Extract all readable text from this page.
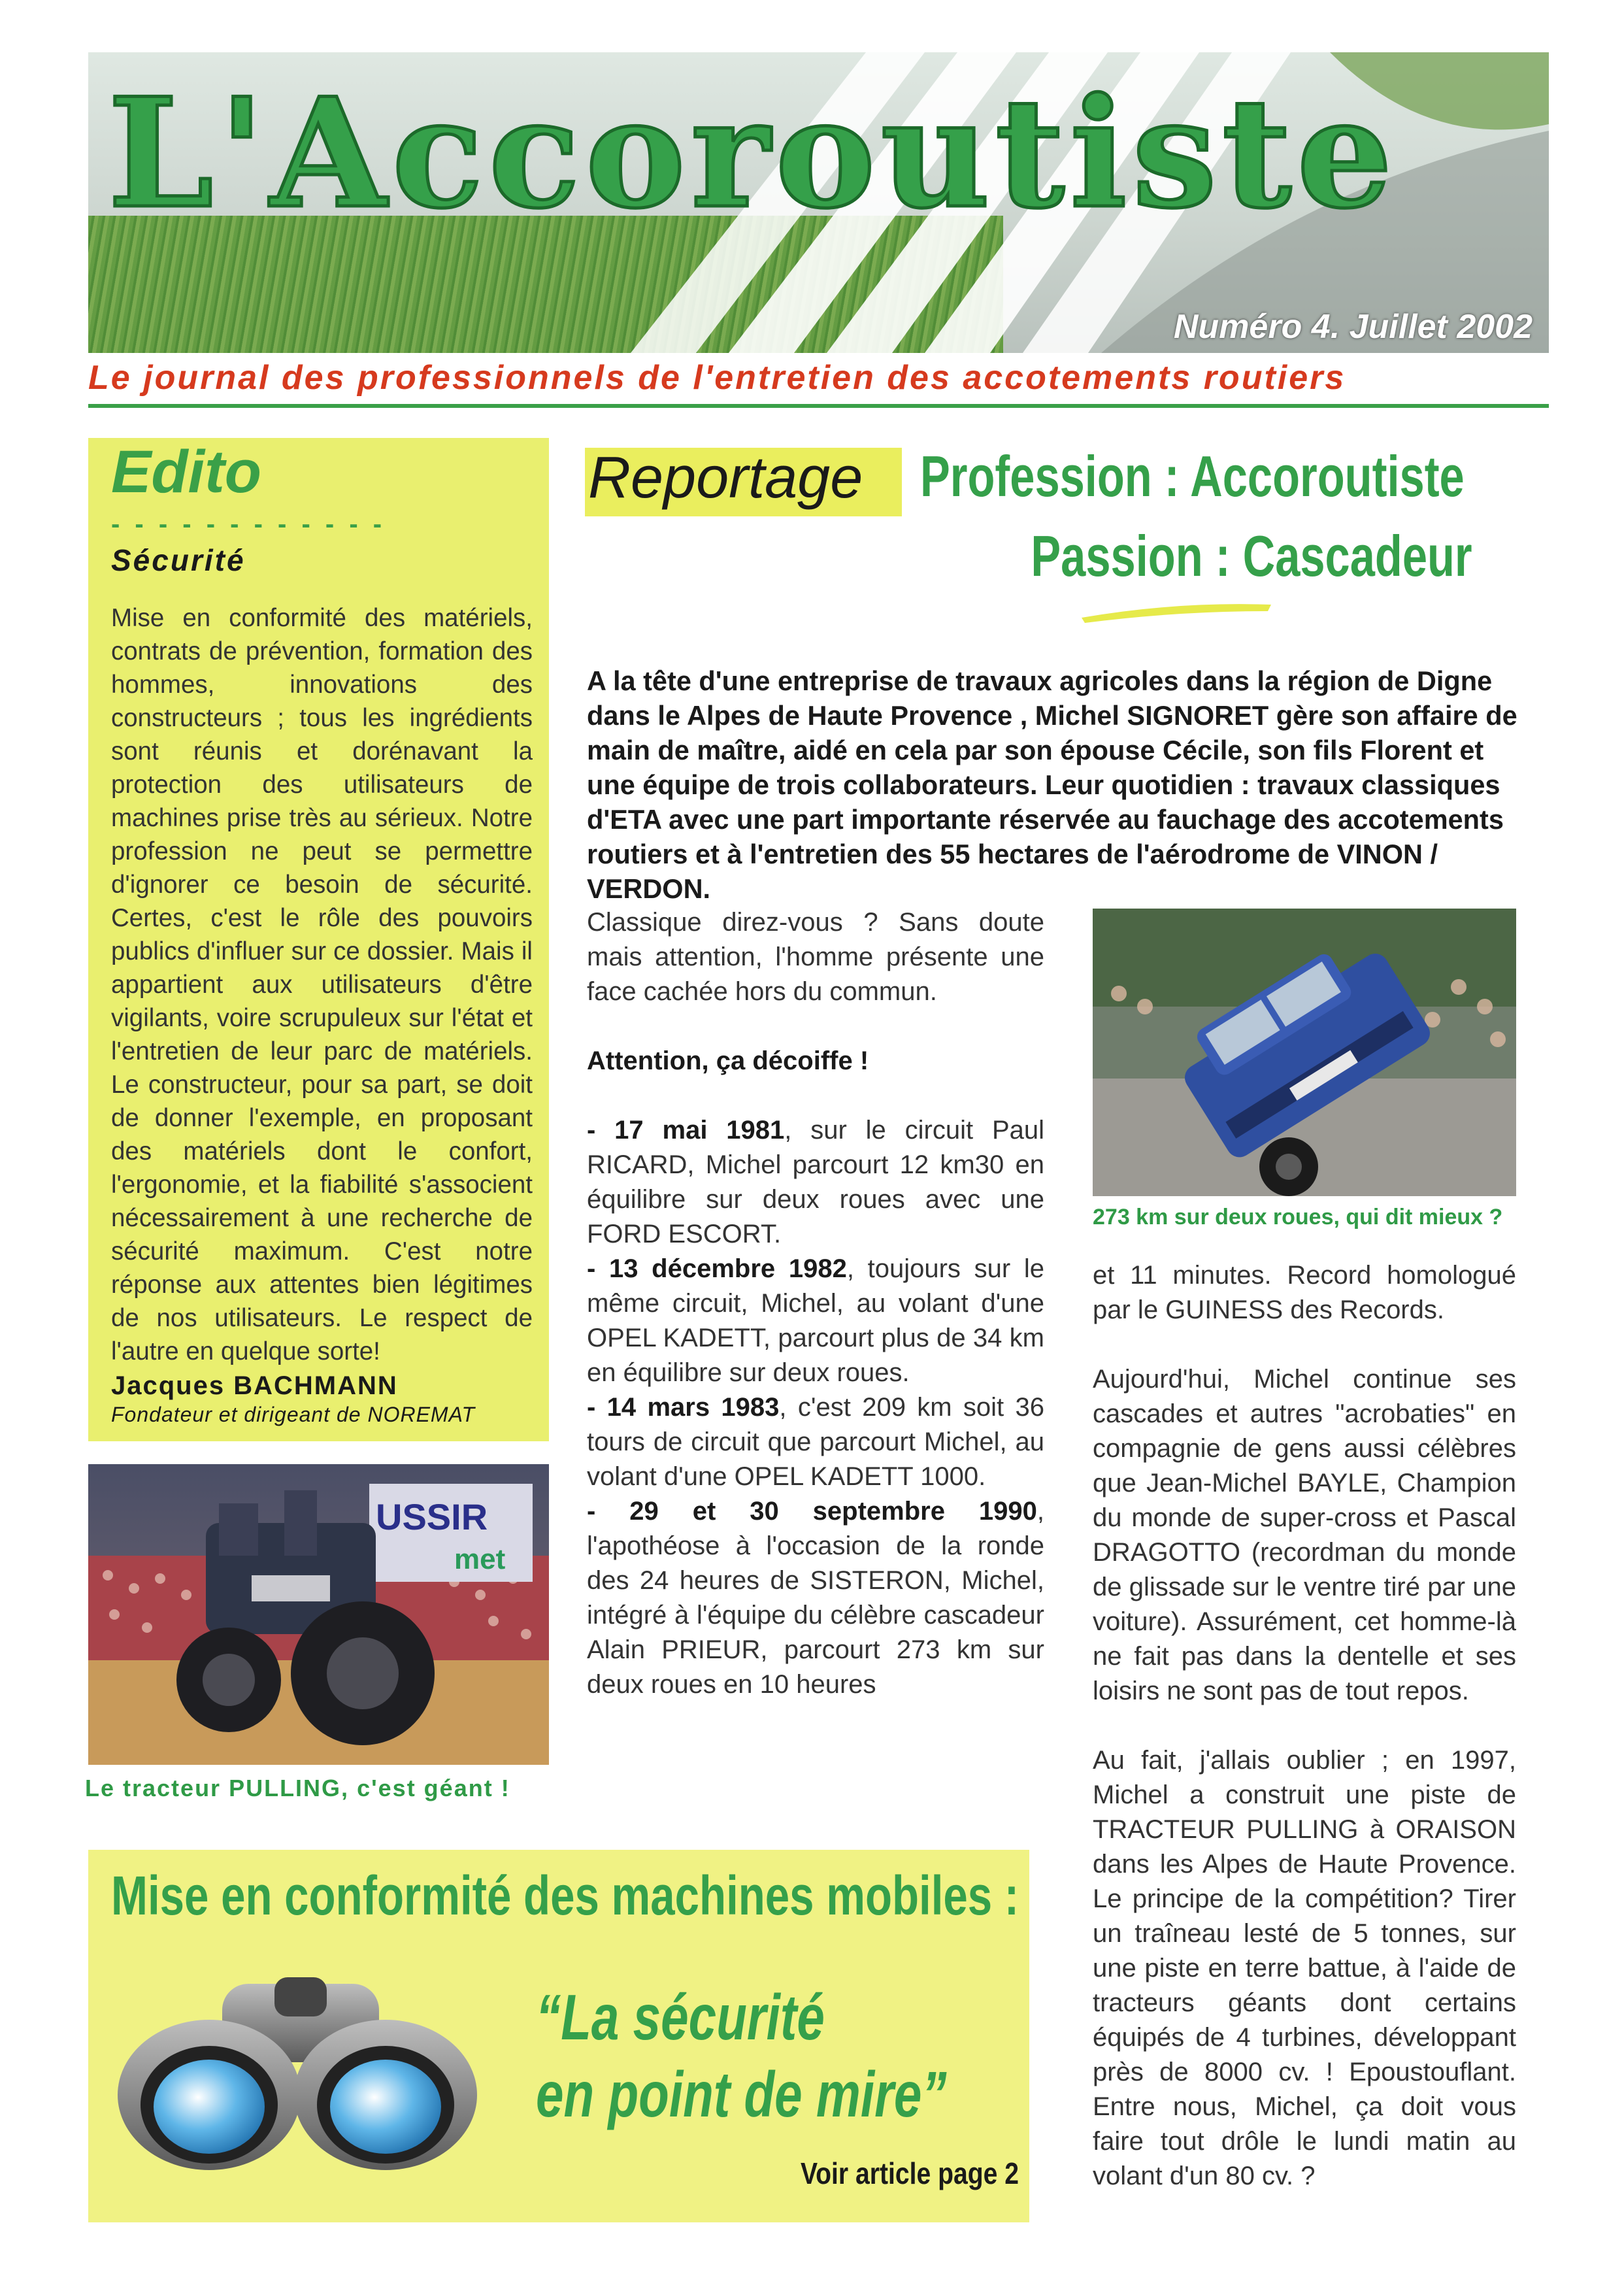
L'Accoroutiste
Numéro 4. Juillet 2002
Le journal des professionnels de l'entretien des accotements routiers
Edito
- - - - - - - - - - - -
Sécurité
Mise en conformité des matériels, contrats de prévention, formation des hommes, innovations des constructeurs ; tous les ingrédients sont réunis et dorénavant la protection des utilisateurs de machines prise très au sérieux. Notre profession ne peut se permettre d'ignorer ce besoin de sécurité. Certes, c'est le rôle des pouvoirs publics d'influer sur ce dossier. Mais il appartient aux utilisateurs d'être vigilants, voire scrupuleux sur l'état et l'entretien de leur parc de matériels. Le constructeur, pour sa part, se doit de donner l'exemple, en proposant des matériels dont le confort, l'ergonomie, et la fiabilité s'associent nécessairement à une recherche de sécurité maximum. C'est notre réponse aux attentes bien légitimes de nos utilisateurs. Le respect de l'autre en quelque sorte!
Jacques BACHMANN
Fondateur et dirigeant de NOREMAT
USSIR
met
Le tracteur PULLING, c'est géant !
Reportage Profession : Accoroutiste
Passion : Cascadeur
A la tête d'une entreprise de travaux agricoles dans la région de Digne dans le Alpes de Haute Provence , Michel SIGNORET gère son affaire de main de maître, aidé en cela par son épouse Cécile, son fils Florent et une équipe de trois collaborateurs. Leur quotidien : travaux classiques d'ETA avec une part importante réservée au fauchage des accotements routiers et à l'entretien des 55 hectares de l'aérodrome de VINON / VERDON.

Classique direz-vous ? Sans doute mais attention, l'homme présente une face cachée hors du commun.

Attention, ça décoiffe !

- 17 mai 1981, sur le circuit Paul RICARD, Michel parcourt 12 km30 en équilibre sur deux roues avec une FORD ESCORT.

- 13 décembre 1982, toujours sur le même circuit, Michel, au volant d'une OPEL KADETT, parcourt plus de 34 km en équilibre sur deux roues.

- 14 mars 1983, c'est 209 km soit 36 tours de circuit que parcourt Michel, au volant d'une OPEL KADETT 1000.

- 29 et 30 septembre 1990, l'apothéose à l'occasion de la ronde des 24 heures de SISTERON, Michel, intégré à l'équipe du célèbre cascadeur Alain PRIEUR, parcourt 273 km sur deux roues en 10 heures

273 km sur deux roues, qui dit mieux ?

et 11 minutes. Record homologué par le GUINESS des Records.

Aujourd'hui, Michel continue ses cascades et autres "acrobaties" en compagnie de gens aussi célèbres que Jean-Michel BAYLE, Champion du monde de super-cross et Pascal DRAGOTTO (recordman du monde de glissade sur le ventre tiré par une voiture). Assurément, cet homme-là ne fait pas dans la dentelle et ses loisirs ne sont pas de tout repos.

Au fait, j'allais oublier ; en 1997, Michel a construit une piste de TRACTEUR PULLING à ORAISON dans les Alpes de Haute Provence. Le principe de la compétition? Tirer un traîneau lesté de 5 tonnes, sur une piste en terre battue, à l'aide de tracteurs géants dont certains équipés de 4 turbines, développant près de 8000 cv. ! Epoustouflant. Entre nous, Michel, ça doit vous faire tout drôle le lundi matin au volant d'un 80 cv. ?

Mise en conformité des machines mobiles :
“La sécurité
en point de mire”
Voir article page 2
